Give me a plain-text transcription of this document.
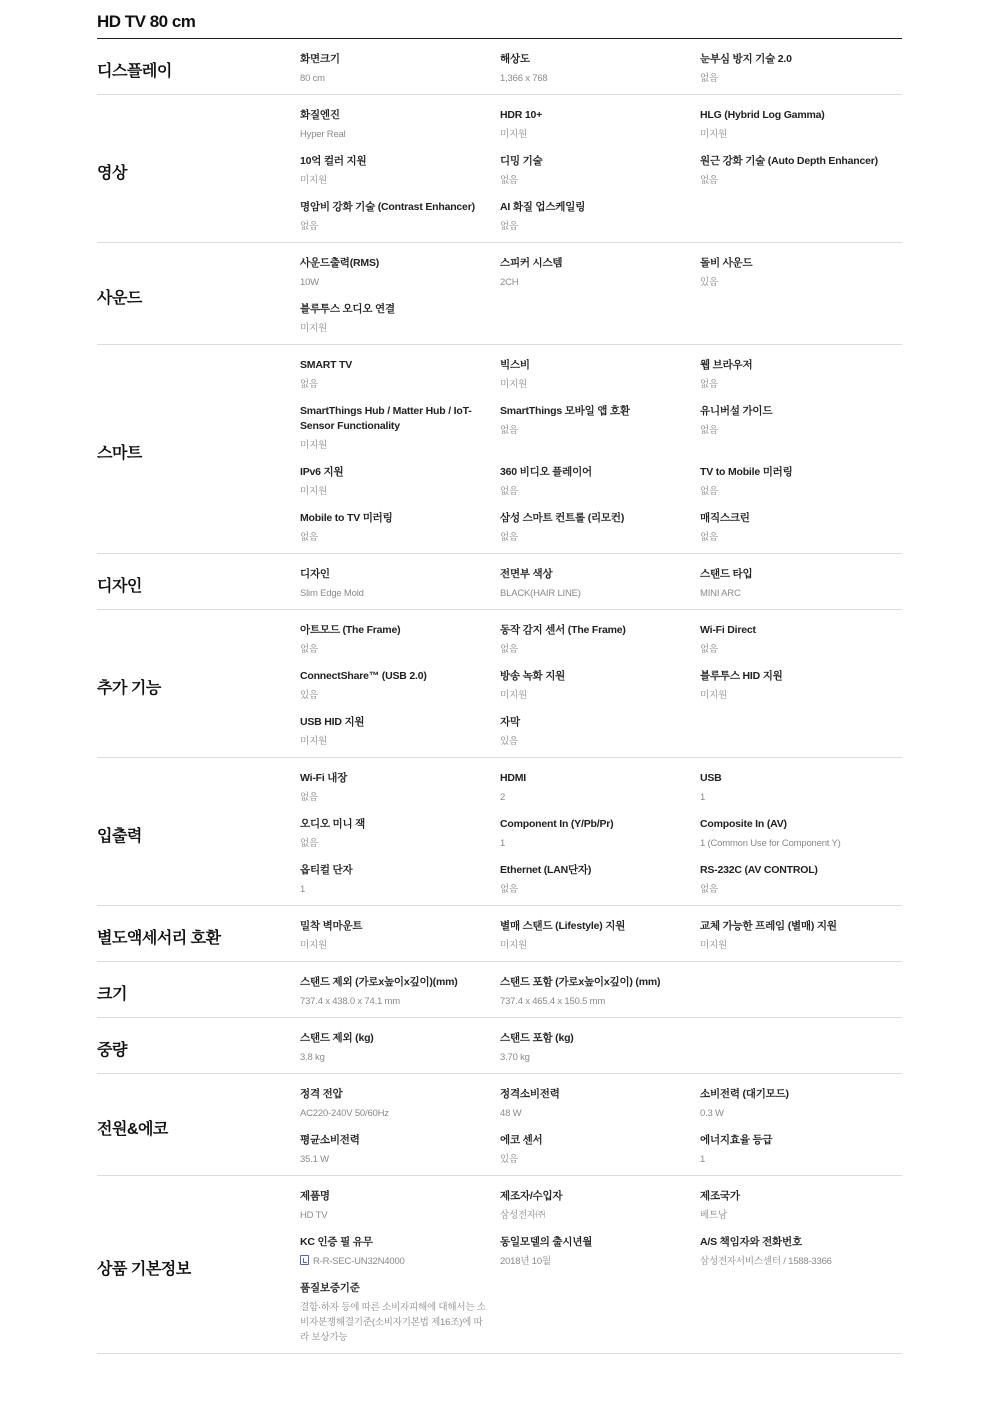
HD TV 80 cm
디스플레이
화면크기
80 cm
해상도
1,366 x 768
눈부심 방지 기술 2.0
없음
영상
화질엔진
Hyper Real
HDR 10+
미지원
HLG (Hybrid Log Gamma)
미지원
10억 컬러 지원
미지원
디밍 기술
없음
원근 강화 기술 (Auto Depth Enhancer)
없음
명암비 강화 기술 (Contrast Enhancer)
없음
AI 화질 업스케일링
없음
사운드
사운드출력(RMS)
10W
스피커 시스템
2CH
돌비 사운드
있음
블루투스 오디오 연결
미지원
스마트
SMART TV
없음
빅스비
미지원
웹 브라우저
없음
SmartThings Hub / Matter Hub / IoT-Sensor Functionality
미지원
SmartThings 모바일 앱 호환
없음
유니버설 가이드
없음
IPv6 지원
미지원
360 비디오 플레이어
없음
TV to Mobile 미러링
없음
Mobile to TV 미러링
없음
삼성 스마트 컨트롤 (리모컨)
없음
매직스크린
없음
디자인
디자인
Slim Edge Mold
전면부 색상
BLACK(HAIR LINE)
스탠드 타입
MINI ARC
추가 기능
아트모드 (The Frame)
없음
동작 감지 센서 (The Frame)
없음
Wi-Fi Direct
없음
ConnectShare™ (USB 2.0)
있음
방송 녹화 지원
미지원
블루투스 HID 지원
미지원
USB HID 지원
미지원
자막
있음
입출력
Wi-Fi 내장
없음
HDMI
2
USB
1
오디오 미니 잭
없음
Component In (Y/Pb/Pr)
1
Composite In (AV)
1 (Common Use for Component Y)
옵티컬 단자
1
Ethernet (LAN단자)
없음
RS-232C (AV CONTROL)
없음
별도액세서리 호환
밀착 벽마운트
미지원
별매 스탠드 (Lifestyle) 지원
미지원
교체 가능한 프레임 (별매) 지원
미지원
크기
스탠드 제외 (가로x높이x깊이)(mm)
737.4 x 438.0 x 74.1 mm
스탠드 포함 (가로x높이x깊이) (mm)
737.4 x 465.4 x 150.5 mm
중량
스탠드 제외 (kg)
3.8 kg
스탠드 포함 (kg)
3.70 kg
전원&에코
정격 전압
AC220-240V 50/60Hz
정격소비전력
48 W
소비전력 (대기모드)
0.3 W
평균소비전력
35.1 W
에코 센서
있음
에너지효율 등급
1
상품 기본정보
제품명
HD TV
제조자/수입자
삼성전자㈜
제조국가
베트남
KC 인증 필 유무
R-R-SEC-UN32N4000
동일모델의 출시년월
2018년 10월
A/S 책임자와 전화번호
삼성전자서비스센터 / 1588-3366
품질보증기준
결함·하자 등에 따른 소비자피해에 대해서는 소비자분쟁해결기준(소비자기본법 제16조)에 따라 보상가능
